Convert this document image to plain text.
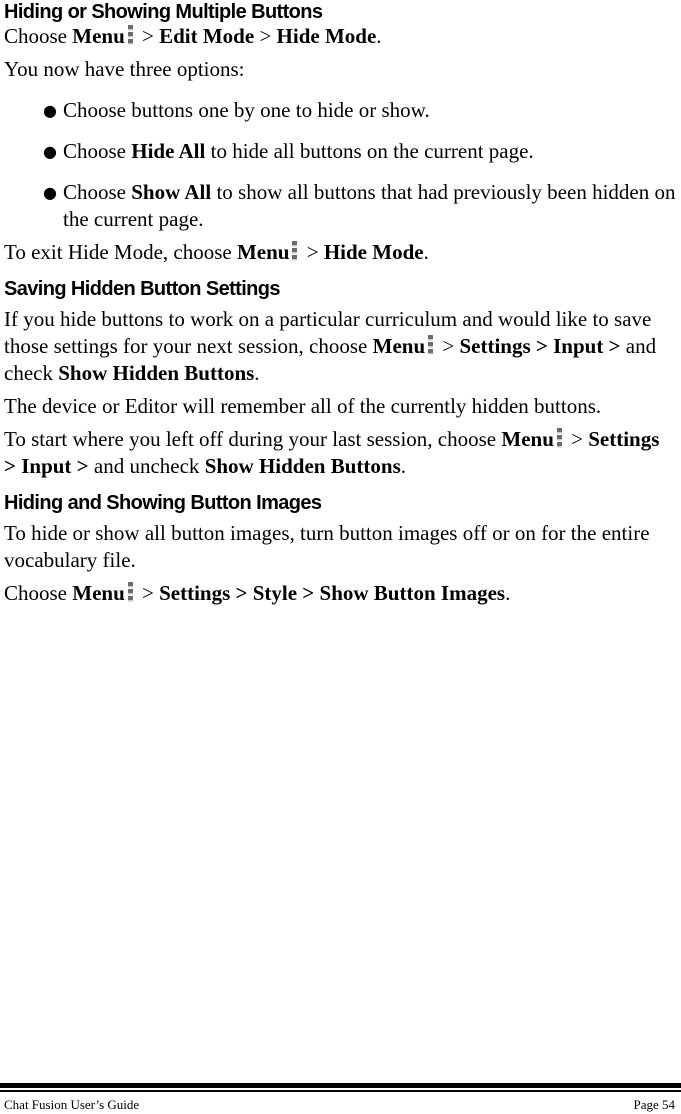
Hiding or Showing Multiple Buttons

Choose Menu > Edit Mode > Hide Mode.

You now have three options:

● Choose buttons one by one to hide or show.
● Choose Hide All to hide all buttons on the current page.
● Choose Show All to show all buttons that had previously been hidden on the current page.

To exit Hide Mode, choose Menu > Hide Mode.

Saving Hidden Button Settings

If you hide buttons to work on a particular curriculum and would like to save those settings for your next session, choose Menu > Settings > Input > and check Show Hidden Buttons.

The device or Editor will remember all of the currently hidden buttons.

To start where you left off during your last session, choose Menu > Settings > Input > and uncheck Show Hidden Buttons.

Hiding and Showing Button Images

To hide or show all button images, turn button images off or on for the entire vocabulary file.

Choose Menu > Settings > Style > Show Button Images.

Chat Fusion User’s Guide	Page 54
